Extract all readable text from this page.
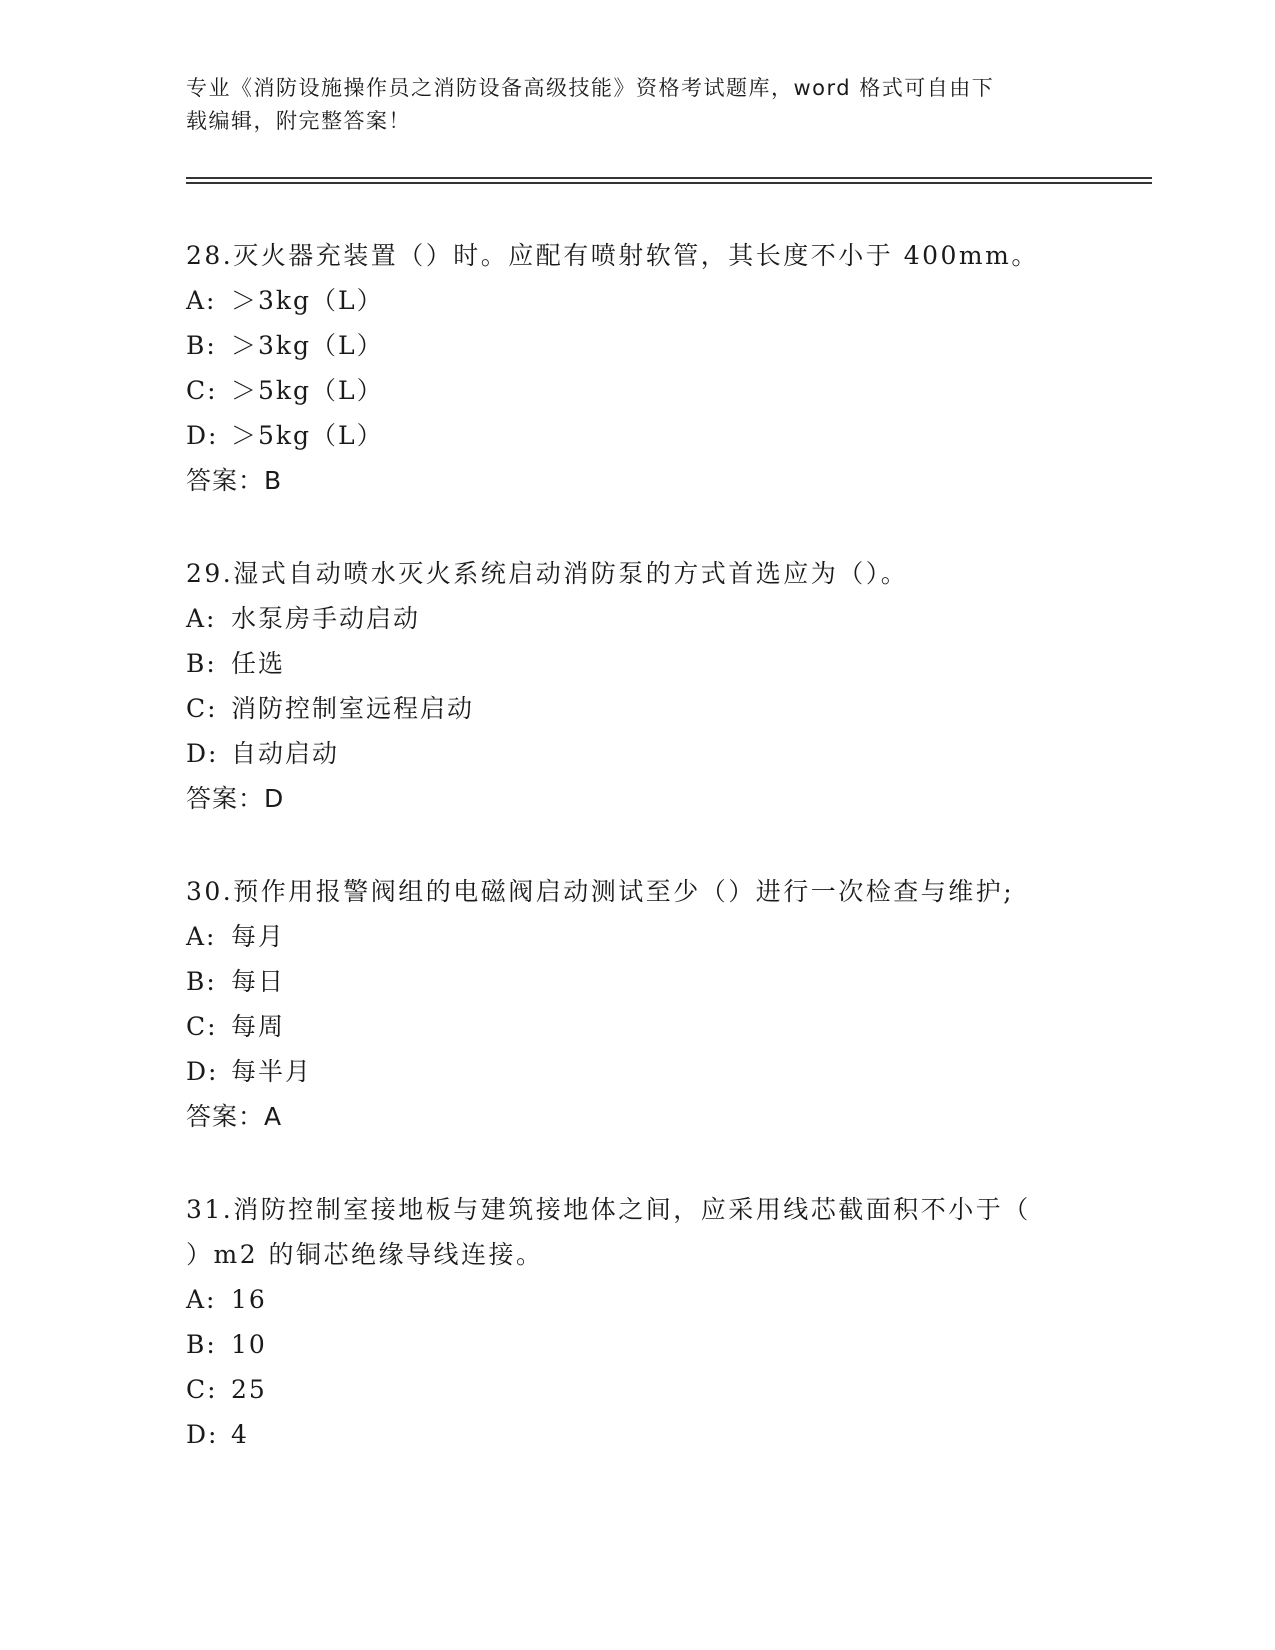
专业《消防设施操作员之消防设备高级技能》资格考试题库，word 格式可自由下
载编辑，附完整答案！
28.灭火器充装置（）时。应配有喷射软管，其长度不小于 400mm。
A: ＞3kg（L）
B: ＞3kg（L）
C: ＞5kg（L）
D: ＞5kg（L）
答案：B
29.湿式自动喷水灭火系统启动消防泵的方式首选应为（）。
A: 水泵房手动启动
B: 任选
C: 消防控制室远程启动
D: 自动启动
答案：D
30.预作用报警阀组的电磁阀启动测试至少（）进行一次检查与维护;
A: 每月
B: 每日
C: 每周
D: 每半月
答案：A
31.消防控制室接地板与建筑接地体之间，应采用线芯截面积不小于（
）m2 的铜芯绝缘导线连接。
A: 16
B: 10
C: 25
D: 4
